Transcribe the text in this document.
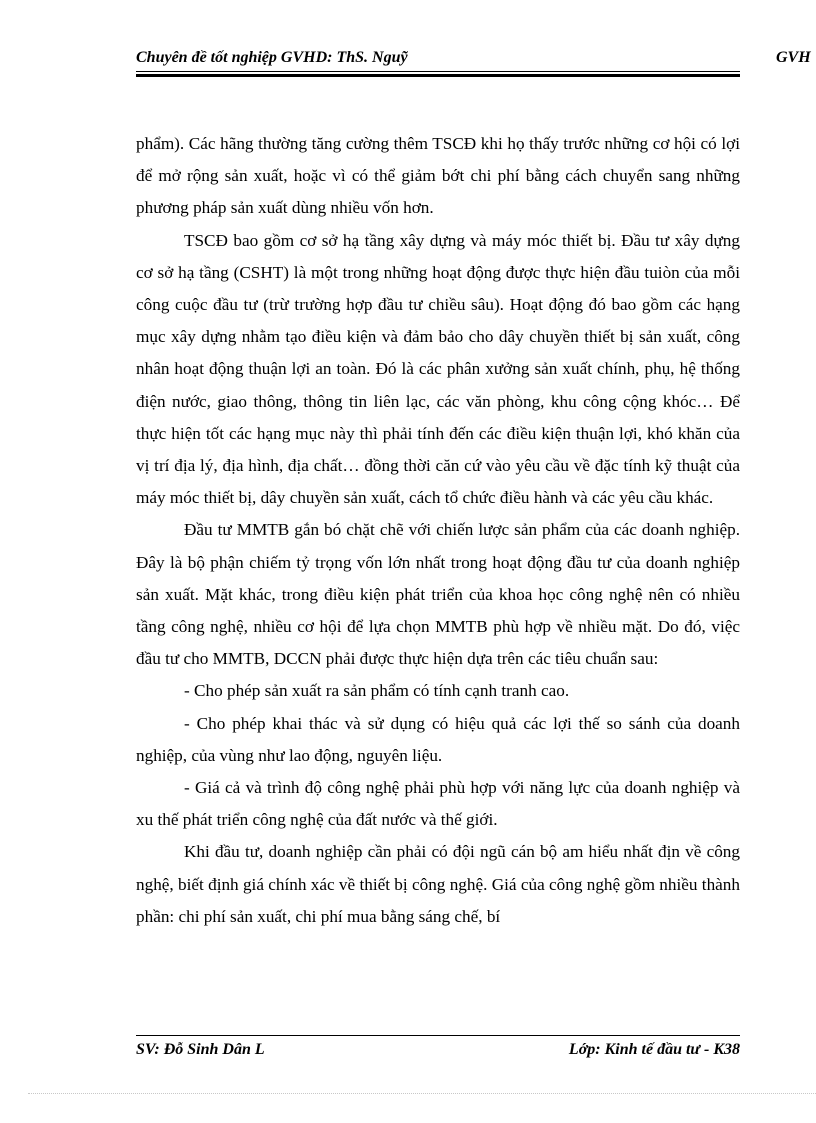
Chuyên đề tốt nghiệp GVHD: ThS. Nguỹ	GVH

phẩm). Các hãng thường tăng cường thêm TSCĐ khi họ thấy trước những cơ hội có lợi để mở rộng sản xuất, hoặc vì có thể giảm bớt chi phí bằng cách chuyển sang những phương pháp sản xuất dùng nhiều vốn hơn.

TSCĐ bao gồm cơ sở hạ tầng xây dựng và máy móc thiết bị. Đầu tư xây dựng cơ sở hạ tầng (CSHT) là một trong những hoạt động được thực hiện đầu tuiòn của mỗi công cuộc đầu tư (trừ trường hợp đầu tư chiều sâu). Hoạt động đó bao gồm các hạng mục xây dựng nhằm tạo điều kiện và đảm bảo cho dây chuyền thiết bị sản xuất, công nhân hoạt động thuận lợi an toàn. Đó là các phân xưởng sản xuất chính, phụ, hệ thống điện nước, giao thông, thông tin liên lạc, các văn phòng, khu công cộng khóc… Để thực hiện tốt các hạng mục này thì phải tính đến các điều kiện thuận lợi, khó khăn của vị trí địa lý, địa hình, địa chất… đồng thời căn cứ vào yêu cầu về đặc tính kỹ thuật của máy móc thiết bị, dây chuyền sản xuất, cách tổ chức điều hành và các yêu cầu khác.

Đầu tư MMTB gắn bó chặt chẽ với chiến lược sản phẩm của các doanh nghiệp. Đây là bộ phận chiếm tỷ trọng vốn lớn nhất trong hoạt động đầu tư của doanh nghiệp sản xuất. Mặt khác, trong điều kiện phát triển của khoa học công nghệ nên có nhiều tầng công nghệ, nhiều cơ hội để lựa chọn MMTB phù hợp về nhiều mặt. Do đó, việc đầu tư cho MMTB, DCCN phải được thực hiện dựa trên các tiêu chuẩn sau:

- Cho phép sản xuất ra sản phẩm có tính cạnh tranh cao.

- Cho phép khai thác và sử dụng có hiệu quả các lợi thế so sánh của doanh nghiệp, của vùng như lao động, nguyên liệu.

- Giá cả và trình độ công nghệ phải phù hợp với năng lực của doanh nghiệp và xu thế phát triển công nghệ của đất nước và thế giới.

Khi đầu tư, doanh nghiệp cần phải có đội ngũ cán bộ am hiểu nhất địn về công nghệ, biết định giá chính xác về thiết bị công nghệ. Giá của công nghệ gồm nhiều thành phần: chi phí sản xuất, chi phí mua bằng sáng chế, bí

SV: Đỗ Sinh Dân L	Lớp: Kinh tế đầu tư - K38
